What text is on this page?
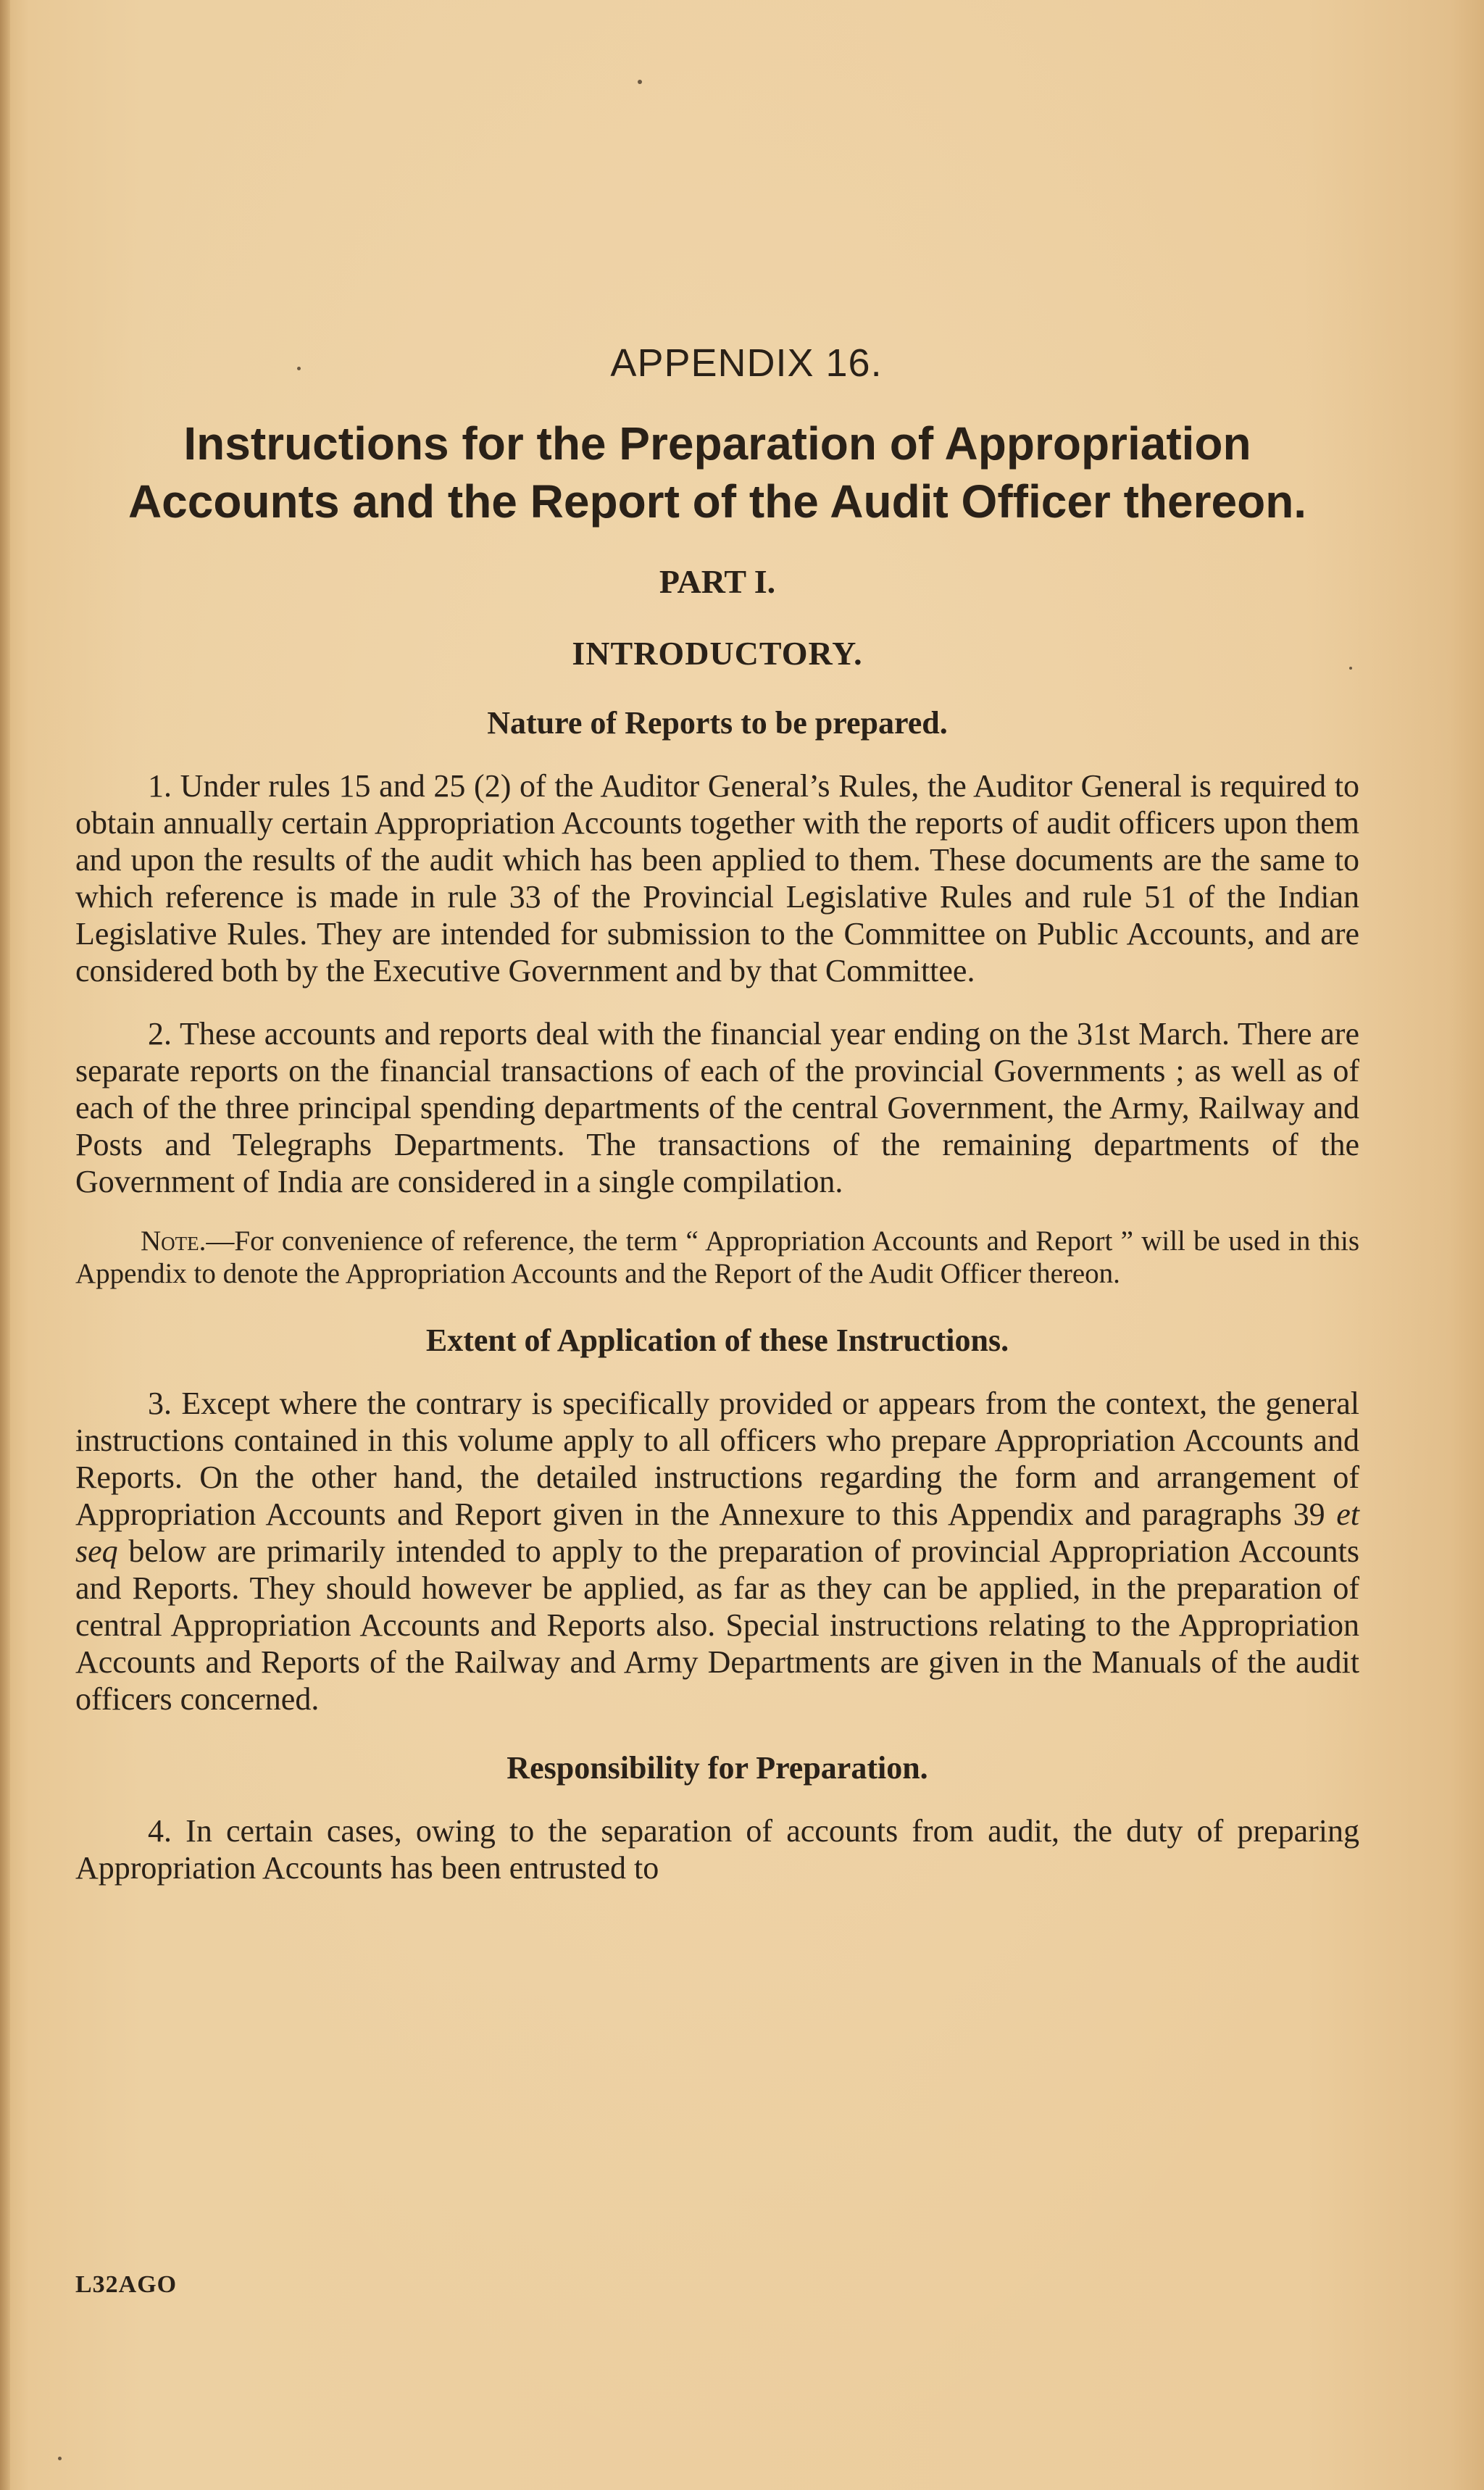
APPENDIX 16.
Instructions for the Preparation of Appropriation Accounts and the Report of the Audit Officer thereon.
PART I.
INTRODUCTORY.
Nature of Reports to be prepared.

1. Under rules 15 and 25 (2) of the Auditor General’s Rules, the Auditor General is required to obtain annually certain Appropriation Accounts together with the reports of audit officers upon them and upon the results of the audit which has been applied to them. These documents are the same to which reference is made in rule 33 of the Provincial Legislative Rules and rule 51 of the Indian Legislative Rules. They are intended for submission to the Committee on Public Accounts, and are considered both by the Executive Government and by that Committee.

2. These accounts and reports deal with the financial year ending on the 31st March. There are separate reports on the financial transactions of each of the provincial Governments ; as well as of each of the three principal spending departments of the central Government, the Army, Railway and Posts and Telegraphs Departments. The transactions of the remaining departments of the Government of India are considered in a single compilation.

Note.—For convenience of reference, the term “ Appropriation Accounts and Report ” will be used in this Appendix to denote the Appropriation Accounts and the Report of the Audit Officer thereon.

Extent of Application of these Instructions.

3. Except where the contrary is specifically provided or appears from the context, the general instructions contained in this volume apply to all officers who prepare Appropriation Accounts and Reports. On the other hand, the detailed instructions regarding the form and arrangement of Appropriation Accounts and Report given in the Annexure to this Appendix and paragraphs 39 et seq below are primarily intended to apply to the preparation of provincial Appropriation Accounts and Reports. They should however be applied, as far as they can be applied, in the preparation of central Appropriation Accounts and Reports also. Special instructions relating to the Appropriation Accounts and Reports of the Railway and Army Departments are given in the Manuals of the audit officers concerned.

Responsibility for Preparation.

4. In certain cases, owing to the separation of accounts from audit, the duty of preparing Appropriation Accounts has been entrusted to

L32AGO
